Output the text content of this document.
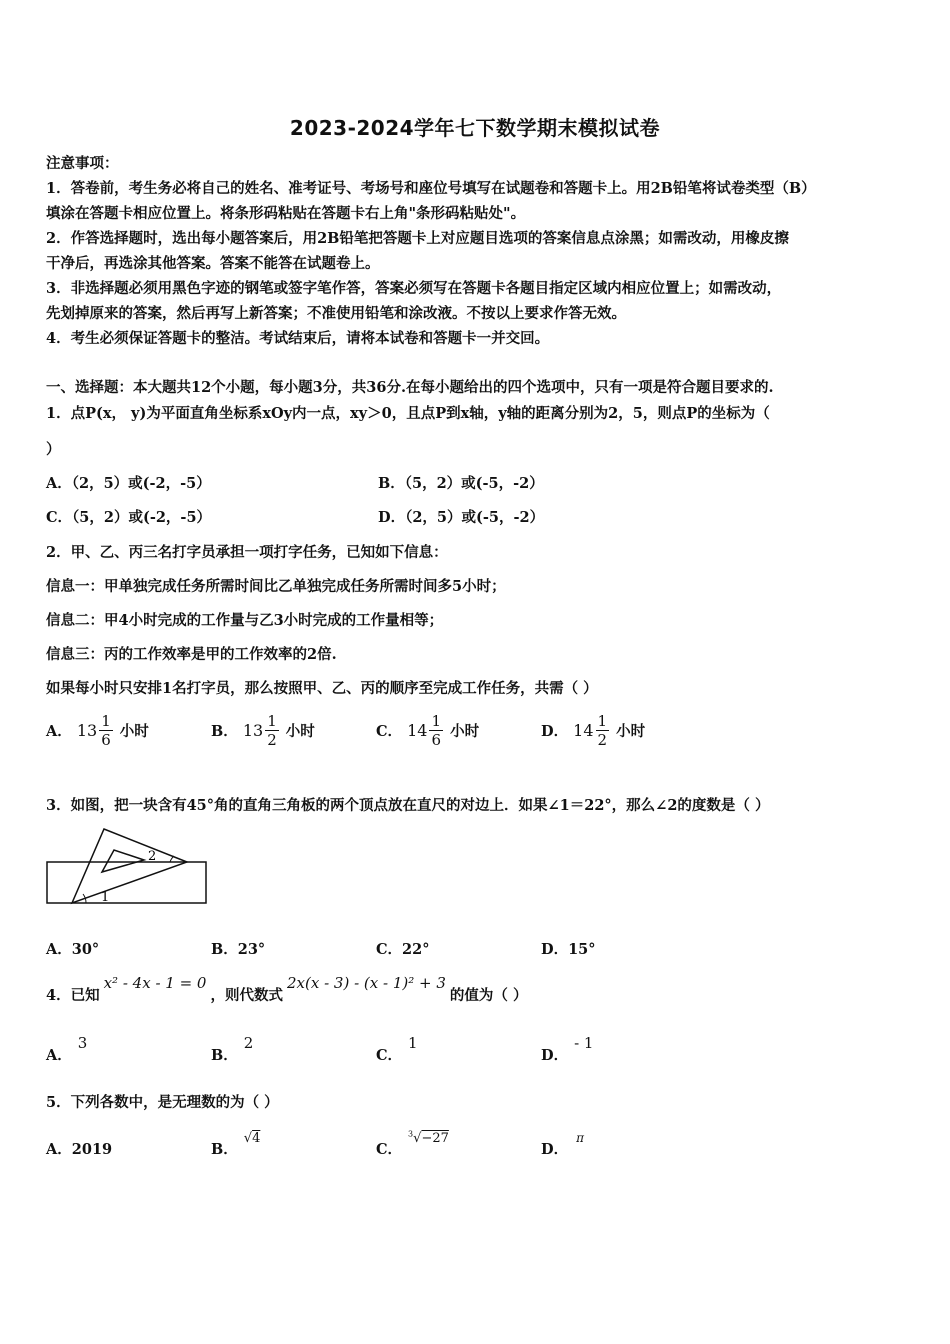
2023-2024学年七下数学期末模拟试卷
注意事项：
1．答卷前，考生务必将自己的姓名、准考证号、考场号和座位号填写在试题卷和答题卡上。用2B铅笔将试卷类型（B）
填涂在答题卡相应位置上。将条形码粘贴在答题卡右上角"条形码粘贴处"。
2．作答选择题时，选出每小题答案后，用2B铅笔把答题卡上对应题目选项的答案信息点涂黑；如需改动，用橡皮擦
干净后，再选涂其他答案。答案不能答在试题卷上。
3．非选择题必须用黑色字迹的钢笔或签字笔作答，答案必须写在答题卡各题目指定区域内相应位置上；如需改动，
先划掉原来的答案，然后再写上新答案；不准使用铅笔和涂改液。不按以上要求作答无效。
4．考生必须保证答题卡的整洁。考试结束后，请将本试卷和答题卡一并交回。
一、选择题：本大题共12个小题，每小题3分，共36分.在每小题给出的四个选项中，只有一项是符合题目要求的.
1．点P(x， y)为平面直角坐标系xOy内一点，xy＞0，且点P到x轴，y轴的距离分别为2，5，则点P的坐标为（
）
A．（2，5）或(-2，-5）	B．（5，2）或(-5，-2）
C．（5，2）或(-2，-5）	D．（2，5）或(-5，-2）
2．甲、乙、丙三名打字员承担一项打字任务，已知如下信息：
信息一：甲单独完成任务所需时间比乙单独完成任务所需时间多5小时；
信息二：甲4小时完成的工作量与乙3小时完成的工作量相等；
信息三：丙的工作效率是甲的工作效率的2倍.
如果每小时只安排1名打字员，那么按照甲、乙、丙的顺序至完成工作任务，共需（ ）
A． $13 \frac{1}{6}$ 小时	B． $13 \frac{1}{2}$ 小时	C． $14 \frac{1}{6}$ 小时	D． $14 \frac{1}{2}$ 小时
3．如图，把一块含有45°角的直角三角板的两个顶点放在直尺的对边上．如果∠1＝22°，那么∠2的度数是（ ）
1
2
A．30°	B．23°	C．22°	D．15°
4．已知x² - 4x - 1 = 0，则代数式2x(x - 3) - (x - 1)² + 3的值为（ ）
A．3
B．2
C．1
D．- 1
5．下列各数中，是无理数的为（ ）
A．2019	B．√4
C．$^3$√−27
D．$^\pi$
